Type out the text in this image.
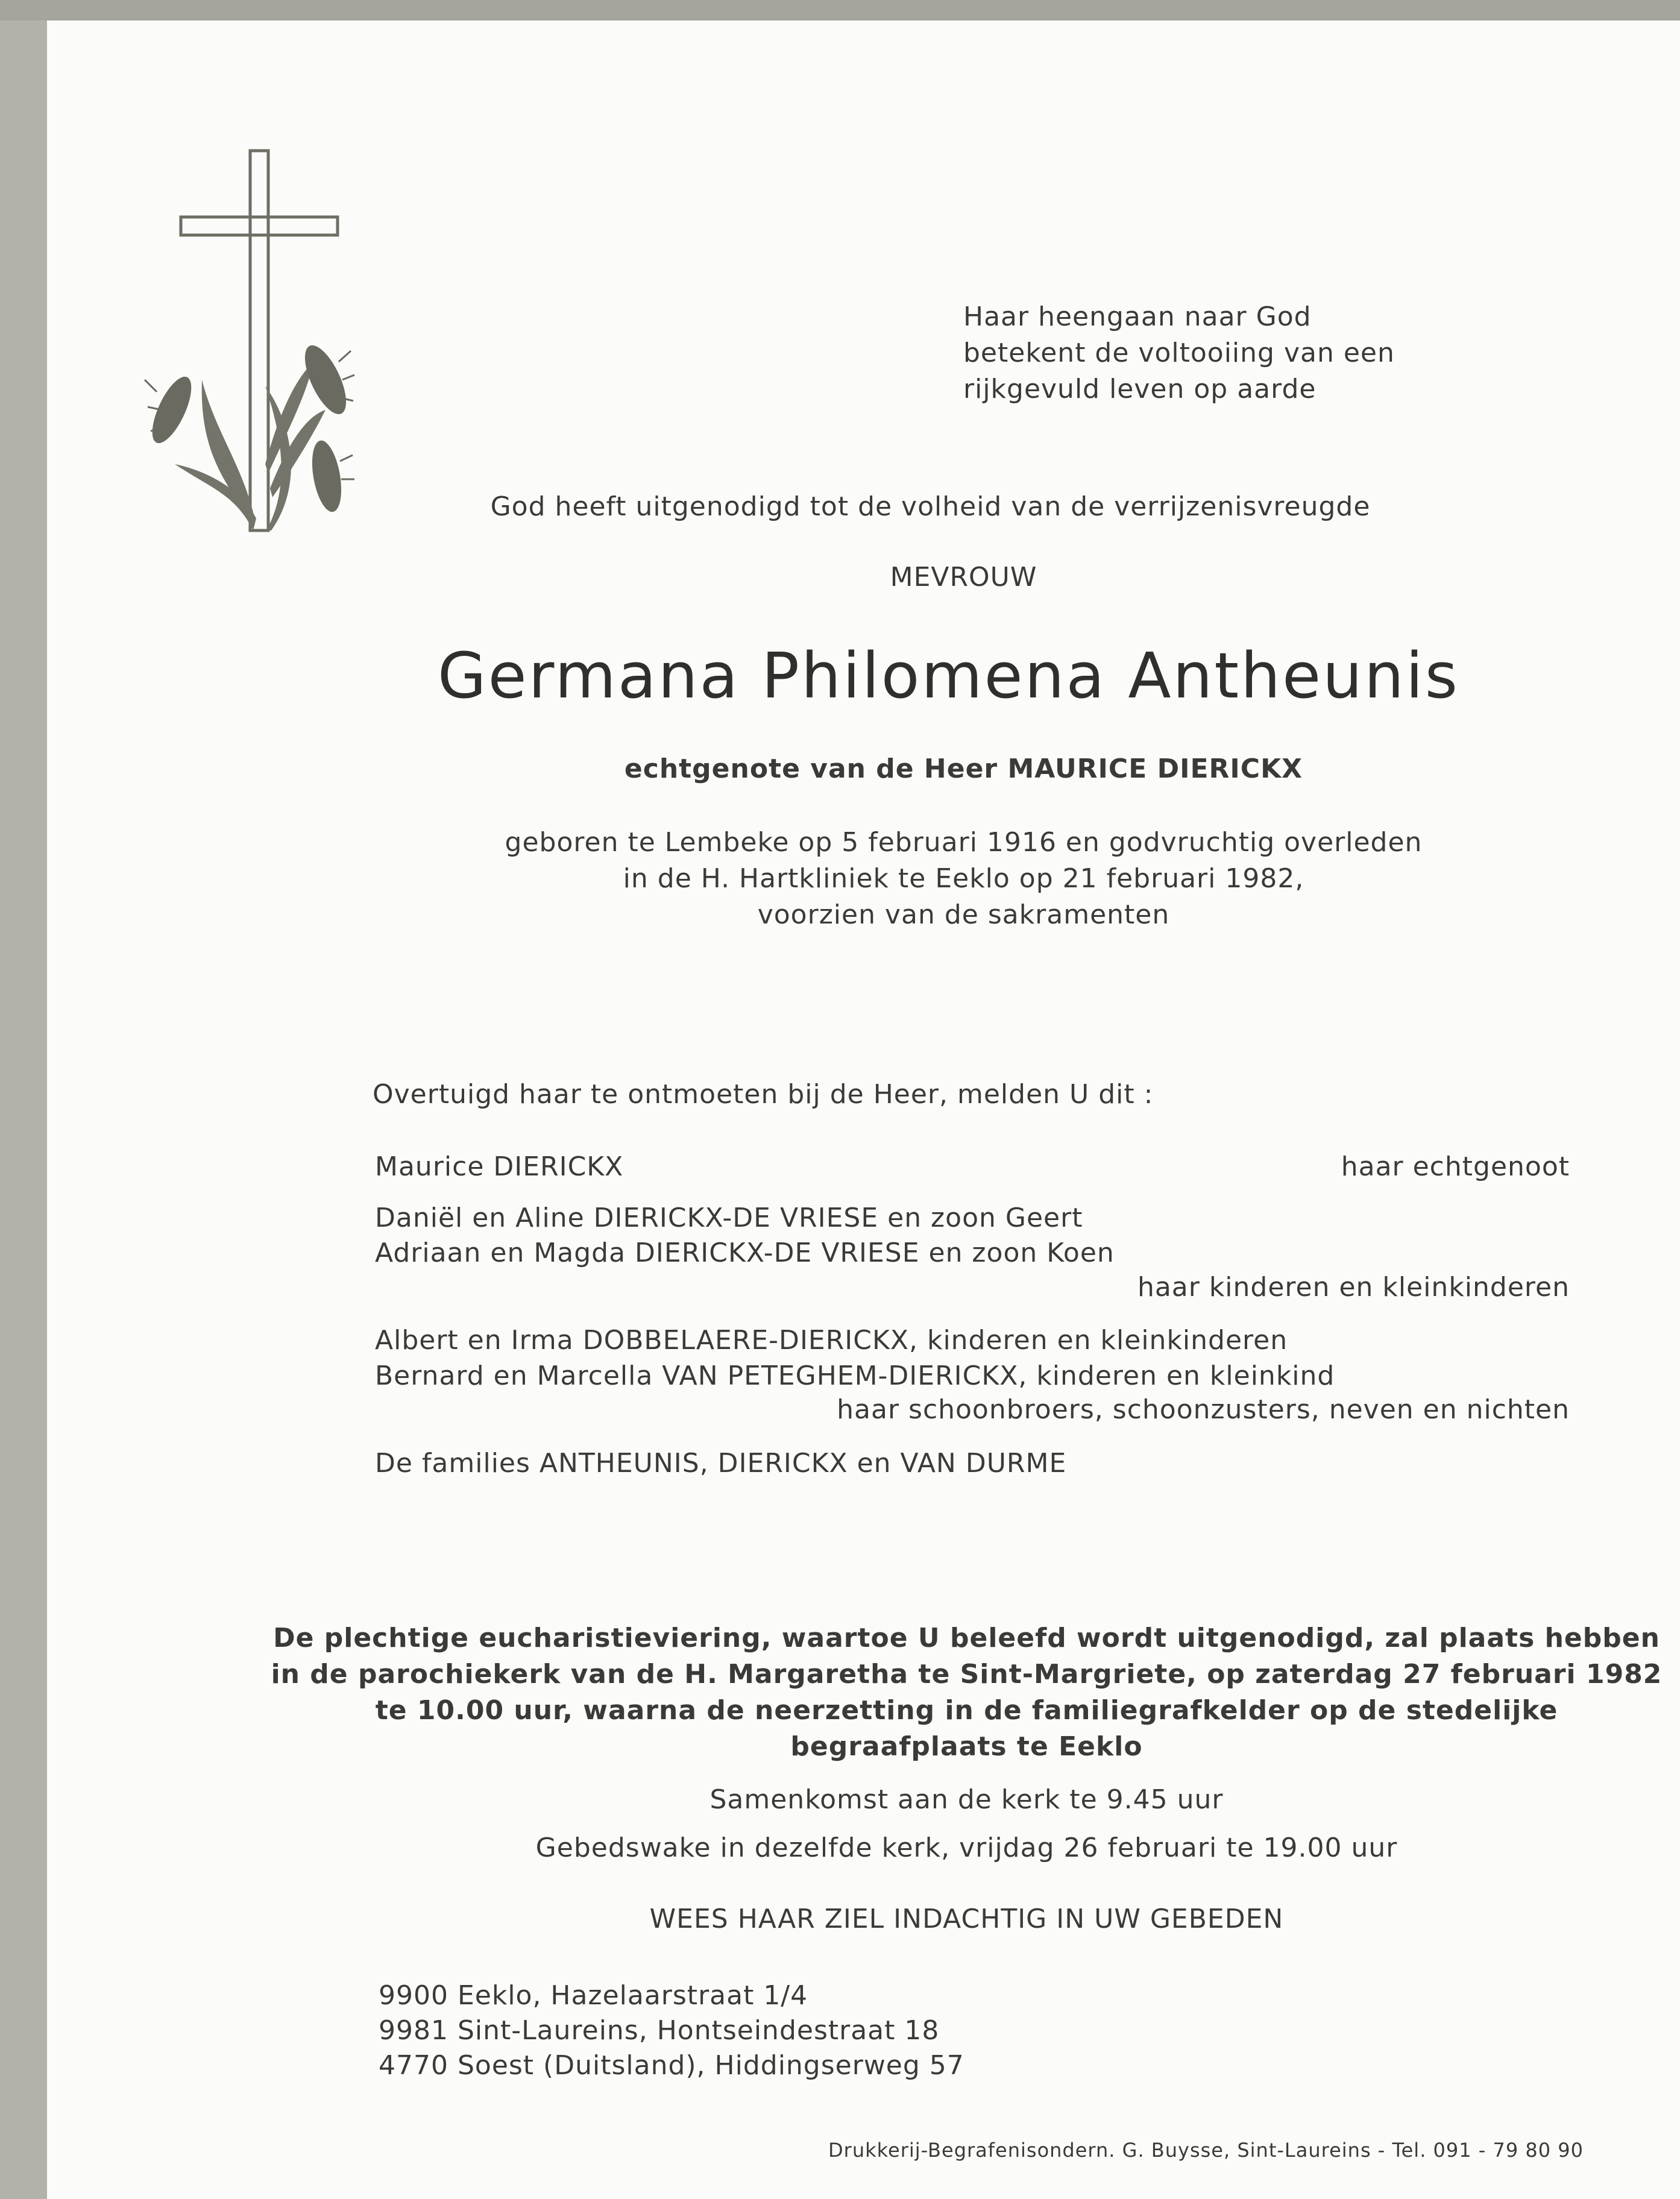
Haar heengaan naar God
betekent de voltooiing van een
rijkgevuld leven op aarde
God heeft uitgenodigd tot de volheid van de verrijzenisvreugde
MEVROUW
Germana Philomena Antheunis
echtgenote van de Heer MAURICE DIERICKX
geboren te Lembeke op 5 februari 1916 en godvruchtig overleden
in de H. Hartkliniek te Eeklo op 21 februari 1982,
voorzien van de sakramenten
Overtuigd haar te ontmoeten bij de Heer, melden U dit :
Maurice DIERICKX	haar echtgenoot
Daniël en Aline DIERICKX-DE VRIESE en zoon Geert
Adriaan en Magda DIERICKX-DE VRIESE en zoon Koen
haar kinderen en kleinkinderen
Albert en Irma DOBBELAERE-DIERICKX, kinderen en kleinkinderen
Bernard en Marcella VAN PETEGHEM-DIERICKX, kinderen en kleinkind
haar schoonbroers, schoonzusters, neven en nichten
De families ANTHEUNIS, DIERICKX en VAN DURME
De plechtige eucharistieviering, waartoe U beleefd wordt uitgenodigd, zal plaats hebben
in de parochiekerk van de H. Margaretha te Sint-Margriete, op zaterdag 27 februari 1982
te 10.00 uur, waarna de neerzetting in de familiegrafkelder op de stedelijke
begraafplaats te Eeklo
Samenkomst aan de kerk te 9.45 uur
Gebedswake in dezelfde kerk, vrijdag 26 februari te 19.00 uur
WEES HAAR ZIEL INDACHTIG IN UW GEBEDEN
9900 Eeklo, Hazelaarstraat 1/4
9981 Sint-Laureins, Hontseindestraat 18
4770 Soest (Duitsland), Hiddingserweg 57
Drukkerij-Begrafenisondern. G. Buysse, Sint-Laureins - Tel. 091 - 79 80 90
